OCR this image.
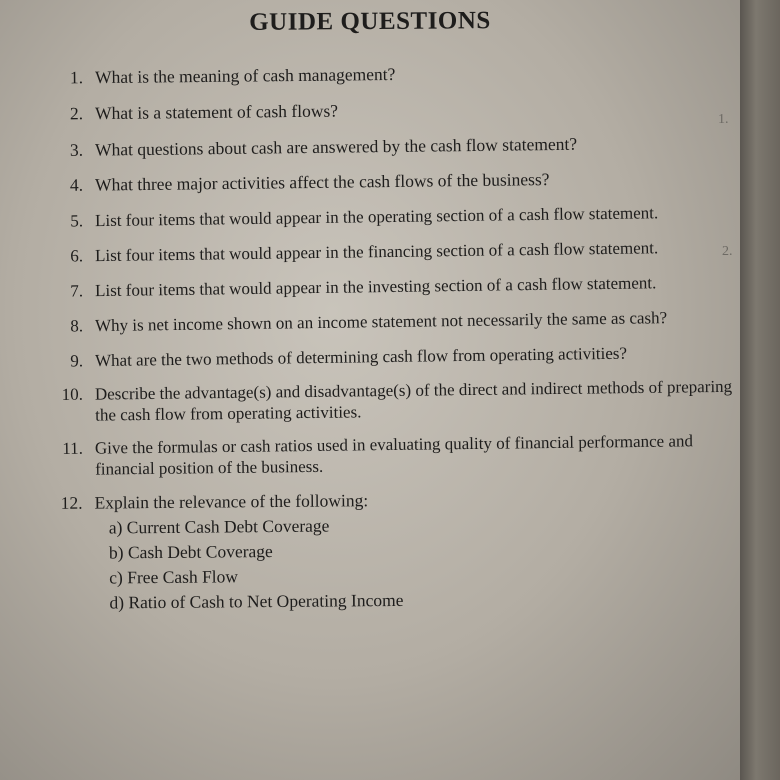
GUIDE QUESTIONS
1. What is the meaning of cash management?
2. What is a statement of cash flows?
3. What questions about cash are answered by the cash flow statement?
4. What three major activities affect the cash flows of the business?
5. List four items that would appear in the operating section of a cash flow statement.
6. List four items that would appear in the financing section of a cash flow statement.
7. List four items that would appear in the investing section of a cash flow statement.
8. Why is net income shown on an income statement not necessarily the same as cash?
9. What are the two methods of determining cash flow from operating activities?
10. Describe the advantage(s) and disadvantage(s) of the direct and indirect methods of preparing the cash flow from operating activities.
11. Give the formulas or cash ratios used in evaluating quality of financial performance and financial position of the business.
12. Explain the relevance of the following:
a) Current Cash Debt Coverage
b) Cash Debt Coverage
c) Free Cash Flow
d) Ratio of Cash to Net Operating Income
1.
2.
